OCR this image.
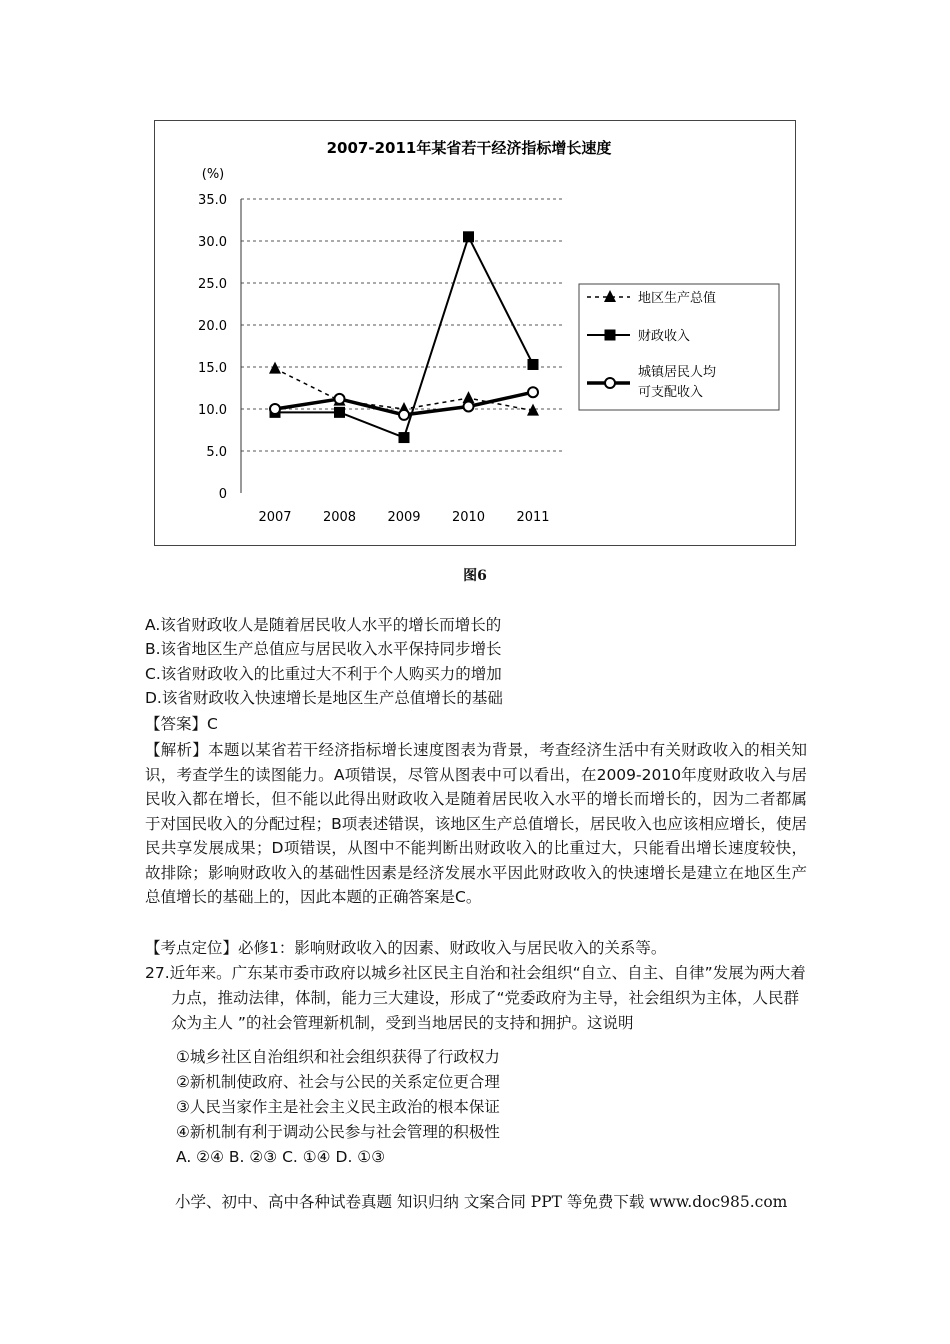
2007-2011年某省若干经济指标增长速度
(%)
35.0
30.0
25.0
20.0
15.0
10.0
5.0
0
2007 2008 2009 2010 2011
地区生产总值
财政收入
城镇居民人均
可支配收入
图6
A.该省财政收人是随着居民收人水平的增长而增长的
B.该省地区生产总值应与居民收入水平保持同步增长
C.该省财政收入的比重过大不利于个人购买力的增加
D.该省财政收入快速增长是地区生产总值增长的基础
【答案】C
【解析】本题以某省若干经济指标增长速度图表为背景，考查经济生活中有关财政收入的相关知识，考查学生的读图能力。A项错误，尽管从图表中可以看出，在2009-2010年度财政收入与居民收入都在增长，但不能以此得出财政收入是随着居民收入水平的增长而增长的，因为二者都属于对国民收入的分配过程；B项表述错误，该地区生产总值增长，居民收入也应该相应增长，使居民共享发展成果；D项错误，从图中不能判断出财政收入的比重过大，只能看出增长速度较快，故排除；影响财政收入的基础性因素是经济发展水平因此财政收入的快速增长是建立在地区生产总值增长的基础上的，因此本题的正确答案是C。
【考点定位】必修1：影响财政收入的因素、财政收入与居民收入的关系等。
27.近年来。广东某市委市政府以城乡社区民主自治和社会组织“自立、自主、自律”发展为两大着力点，推动法律，体制，能力三大建设，形成了“党委政府为主导，社会组织为主体，人民群众为主人 ”的社会管理新机制，受到当地居民的支持和拥护。这说明
①城乡社区自治组织和社会组织获得了行政权力
②新机制使政府、社会与公民的关系定位更合理
③人民当家作主是社会主义民主政治的根本保证
④新机制有利于调动公民参与社会管理的积极性
A. ②④ B. ②③ C. ①④ D. ①③
小学、初中、高中各种试卷真题 知识归纳 文案合同 PPT 等免费下载 www.doc985.com
